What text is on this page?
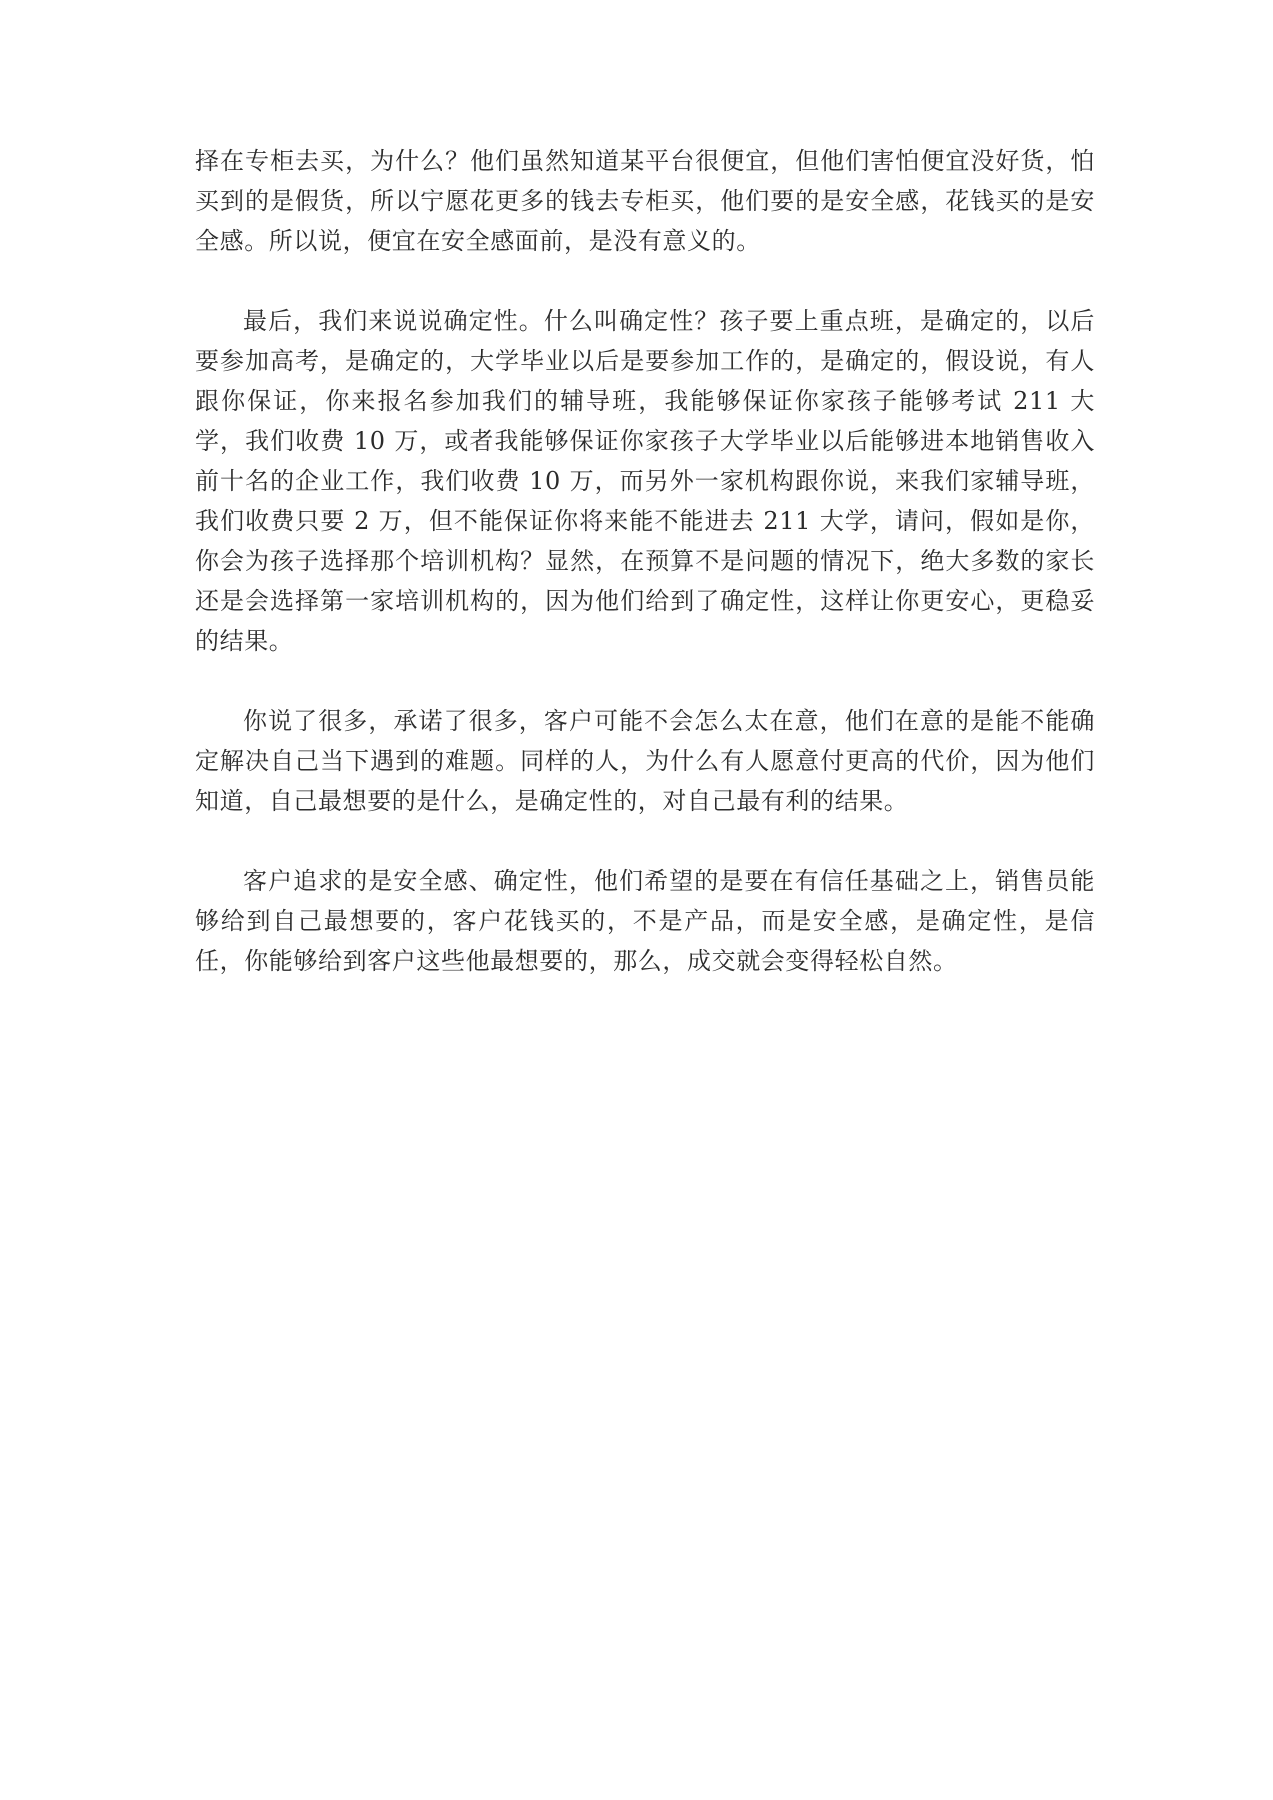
择在专柜去买，为什么？他们虽然知道某平台很便宜，但他们害怕便宜没好货，怕买到的是假货，所以宁愿花更多的钱去专柜买，他们要的是安全感，花钱买的是安全感。所以说，便宜在安全感面前，是没有意义的。

最后，我们来说说确定性。什么叫确定性？孩子要上重点班，是确定的，以后要参加高考，是确定的，大学毕业以后是要参加工作的，是确定的，假设说，有人跟你保证，你来报名参加我们的辅导班，我能够保证你家孩子能够考试 211 大学，我们收费 10 万，或者我能够保证你家孩子大学毕业以后能够进本地销售收入前十名的企业工作，我们收费 10 万，而另外一家机构跟你说，来我们家辅导班，我们收费只要 2 万，但不能保证你将来能不能进去 211 大学，请问，假如是你，你会为孩子选择那个培训机构？显然，在预算不是问题的情况下，绝大多数的家长还是会选择第一家培训机构的，因为他们给到了确定性，这样让你更安心，更稳妥的结果。

你说了很多，承诺了很多，客户可能不会怎么太在意，他们在意的是能不能确定解决自己当下遇到的难题。同样的人，为什么有人愿意付更高的代价，因为他们知道，自己最想要的是什么，是确定性的，对自己最有利的结果。

客户追求的是安全感、确定性，他们希望的是要在有信任基础之上，销售员能够给到自己最想要的，客户花钱买的，不是产品，而是安全感，是确定性，是信任，你能够给到客户这些他最想要的，那么，成交就会变得轻松自然。
